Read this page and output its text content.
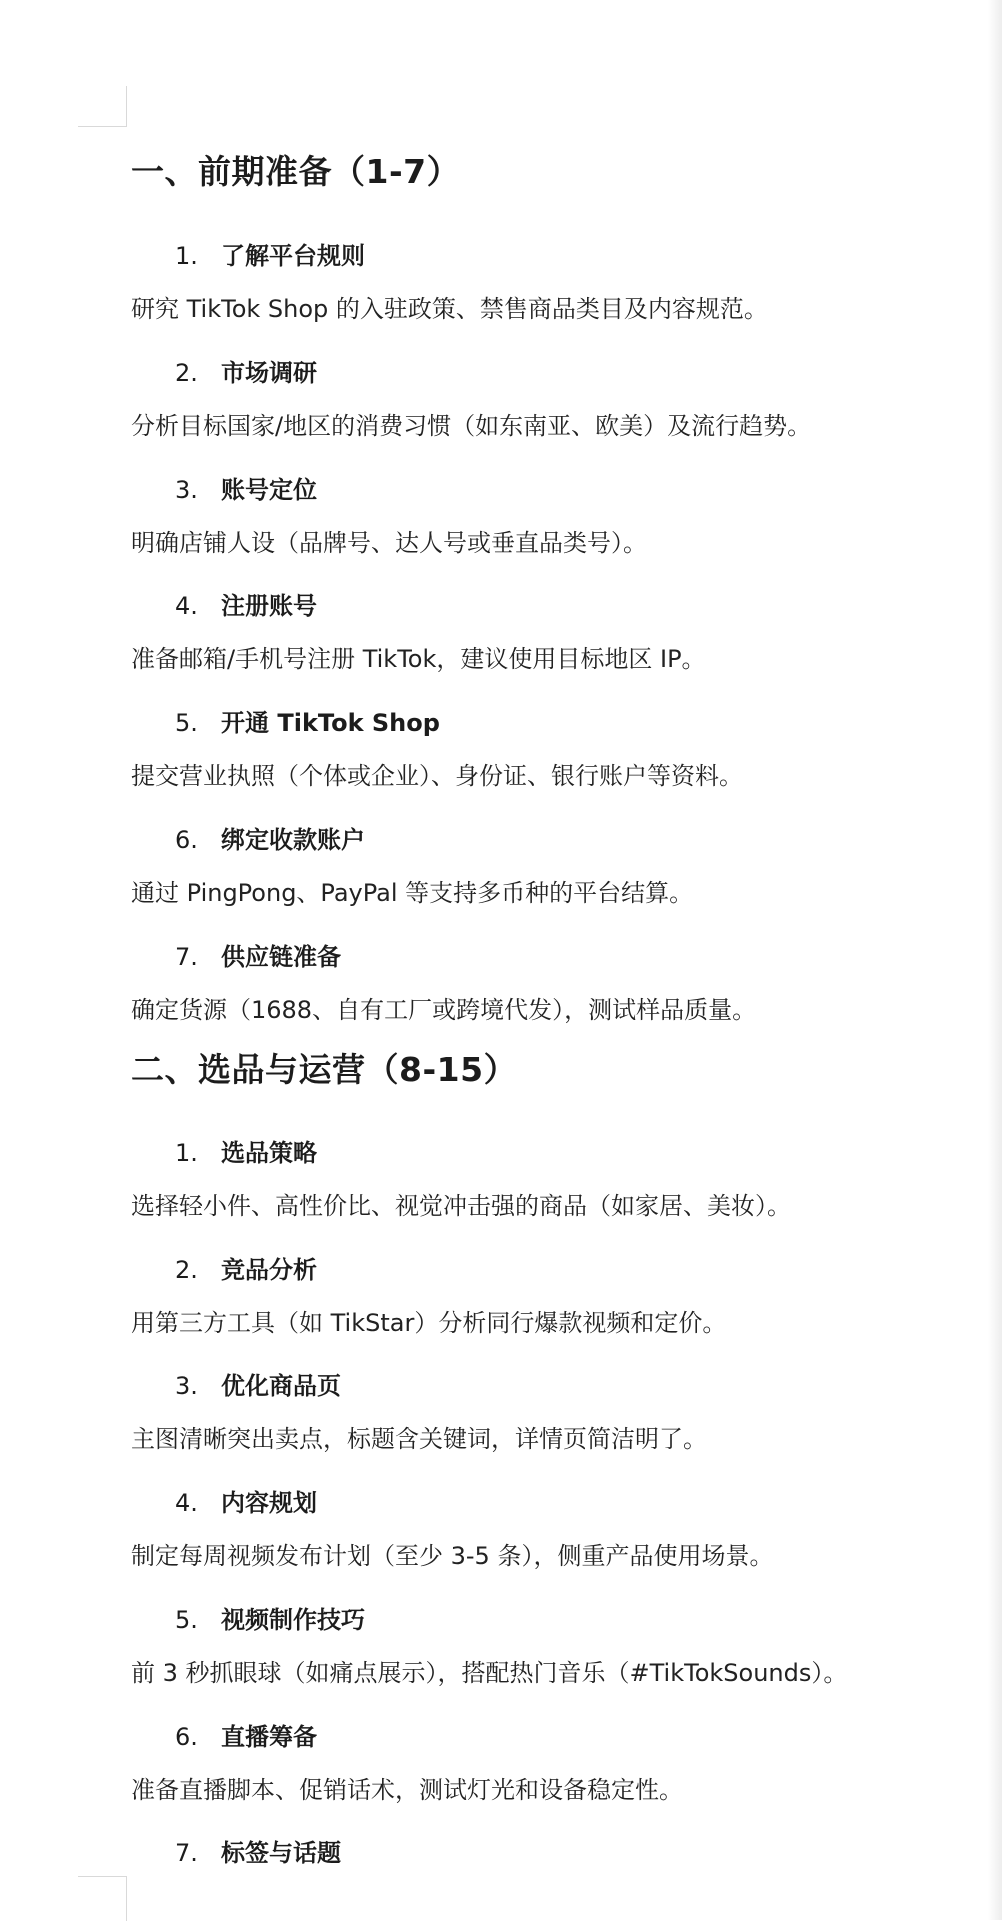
一、前期准备（1-7）
1. 了解平台规则
研究 TikTok Shop 的入驻政策、禁售商品类目及内容规范。
2. 市场调研
分析目标国家/地区的消费习惯（如东南亚、欧美）及流行趋势。
3. 账号定位
明确店铺人设（品牌号、达人号或垂直品类号）。
4. 注册账号
准备邮箱/手机号注册 TikTok，建议使用目标地区 IP。
5. 开通 TikTok Shop
提交营业执照（个体或企业）、身份证、银行账户等资料。
6. 绑定收款账户
通过 PingPong、PayPal 等支持多币种的平台结算。
7. 供应链准备
确定货源（1688、自有工厂或跨境代发），测试样品质量。
二、选品与运营（8-15）
1. 选品策略
选择轻小件、高性价比、视觉冲击强的商品（如家居、美妆）。
2. 竞品分析
用第三方工具（如 TikStar）分析同行爆款视频和定价。
3. 优化商品页
主图清晰突出卖点，标题含关键词，详情页简洁明了。
4. 内容规划
制定每周视频发布计划（至少 3-5 条），侧重产品使用场景。
5. 视频制作技巧
前 3 秒抓眼球（如痛点展示），搭配热门音乐（#TikTokSounds）。
6. 直播筹备
准备直播脚本、促销话术，测试灯光和设备稳定性。
7. 标签与话题
